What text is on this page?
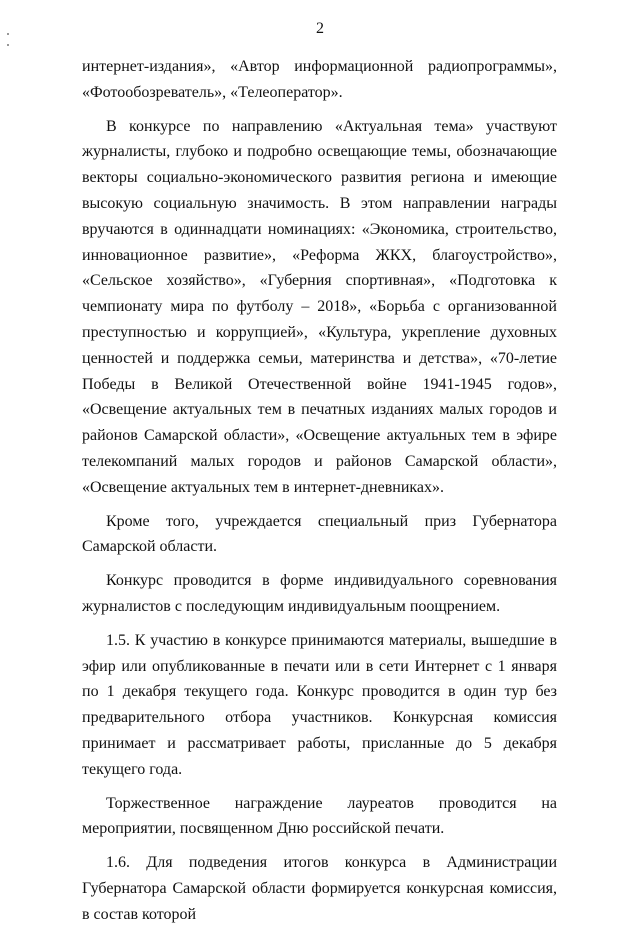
2

интернет-издания», «Автор информационной радиопрограммы», «Фотообозреватель», «Телеоператор».

В конкурсе по направлению «Актуальная тема» участвуют журналисты, глубоко и подробно освещающие темы, обозначающие векторы социально-экономического развития региона и имеющие высокую социальную значимость. В этом направлении награды вручаются в одиннадцати номинациях: «Экономика, строительство, инновационное развитие», «Реформа ЖКХ, благоустройство», «Сельское хозяйство», «Губерния спортивная», «Подготовка к чемпионату мира по футболу – 2018», «Борьба с организованной преступностью и коррупцией», «Культура, укрепление духовных ценностей и поддержка семьи, материнства и детства», «70-летие Победы в Великой Отечественной войне 1941-1945 годов», «Освещение актуальных тем в печатных изданиях малых городов и районов Самарской области», «Освещение актуальных тем в эфире телекомпаний малых городов и районов Самарской области», «Освещение актуальных тем в интернет-дневниках».

Кроме того, учреждается специальный приз Губернатора Самарской области.

Конкурс проводится в форме индивидуального соревнования журналистов с последующим индивидуальным поощрением.

1.5. К участию в конкурсе принимаются материалы, вышедшие в эфир или опубликованные в печати или в сети Интернет с 1 января по 1 декабря текущего года. Конкурс проводится в один тур без предварительного отбора участников. Конкурсная комиссия принимает и рассматривает работы, присланные до 5 декабря текущего года.

Торжественное награждение лауреатов проводится на мероприятии, посвященном Дню российской печати.

1.6. Для подведения итогов конкурса в Администрации Губернатора Самарской области формируется конкурсная комиссия, в состав которой
